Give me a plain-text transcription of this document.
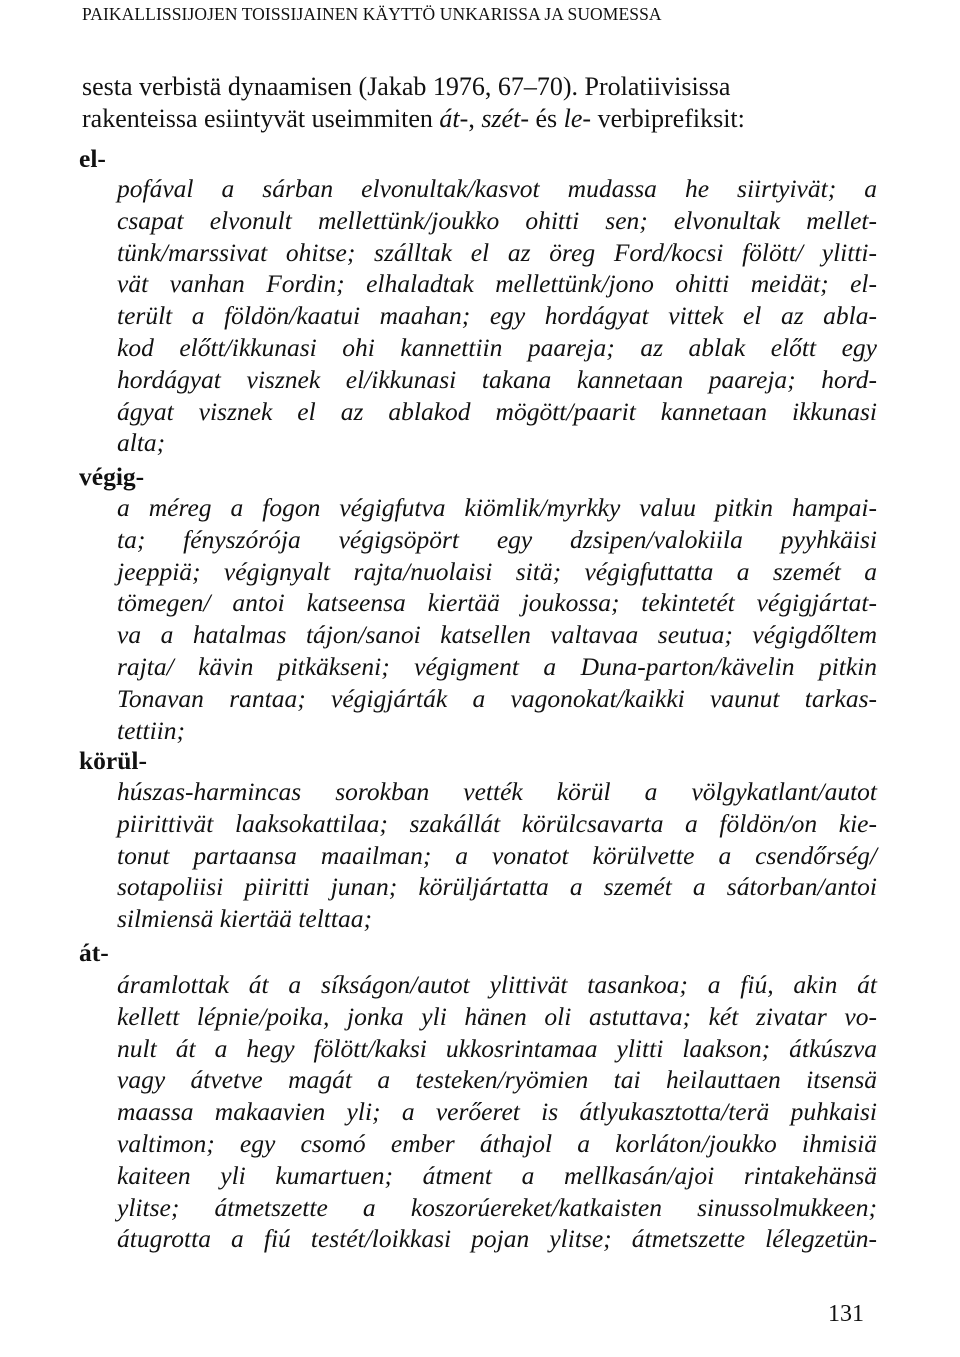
PAIKALLISSIJOJEN TOISSIJAINEN KÄYTTÖ UNKARISSA JA SUOMESSA
sesta verbistä dynaamisen (Jakab 1976, 67–70). Prolatiivisissa
rakenteissa esiintyvät useimmiten át-, szét- és le- verbiprefiksit:
el-
pofával a sárban elvonultak/kasvot mudassa he siirtyivät; a
csapat elvonult mellettünk/joukko ohitti sen; elvonultak mellet-
tünk/marssivat ohitse; szálltak el az öreg Ford/kocsi fölött/ ylitti-
vät vanhan Fordin; elhaladtak mellettünk/jono ohitti meidät; el-
terült a földön/kaatui maahan; egy hordágyat vittek el az abla-
kod előtt/ikkunasi ohi kannettiin paareja; az ablak előtt egy
hordágyat visznek el/ikkunasi takana kannetaan paareja; hord-
ágyat visznek el az ablakod mögött/paarit kannetaan ikkunasi
alta;
végig-
a méreg a fogon végigfutva kiömlik/myrkky valuu pitkin hampai-
ta; fényszórója végigsöpört egy dzsipen/valokiila pyyhkäisi
jeeppiä; végignyalt rajta/nuolaisi sitä; végigfuttatta a szemét a
tömegen/ antoi katseensa kiertää joukossa; tekintetét végigjártat-
va a hatalmas tájon/sanoi katsellen valtavaa seutua; végigdőltem
rajta/ kävin pitkäkseni; végigment a Duna-parton/kävelin pitkin
Tonavan rantaa; végigjárták a vagonokat/kaikki vaunut tarkas-
tettiin;
körül-
húszas-harmincas sorokban vették körül a völgykatlant/autot
piirittivät laaksokattilaa; szakállát körülcsavarta a földön/on kie-
tonut partaansa maailman; a vonatot körülvette a csendőrség/
sotapoliisi piiritti junan; körüljártatta a szemét a sátorban/antoi
silmiensä kiertää telttaa;
át-
áramlottak át a síkságon/autot ylittivät tasankoa; a fiú, akin át
kellett lépnie/poika, jonka yli hänen oli astuttava; két zivatar vo-
nult át a hegy fölött/kaksi ukkosrintamaa ylitti laakson; átkúszva
vagy átvetve magát a testeken/ryömien tai heilauttaen itsensä
maassa makaavien yli; a verőeret is átlyukasztotta/terä puhkaisi
valtimon; egy csomó ember áthajol a korláton/joukko ihmisiä
kaiteen yli kumartuen; átment a mellkasán/ajoi rintakehänsä
ylitse; átmetszette a koszorúereket/katkaisten sinussolmukkeen;
átugrotta a fiú testét/loikkasi pojan ylitse; átmetszette lélegzetün-
131
